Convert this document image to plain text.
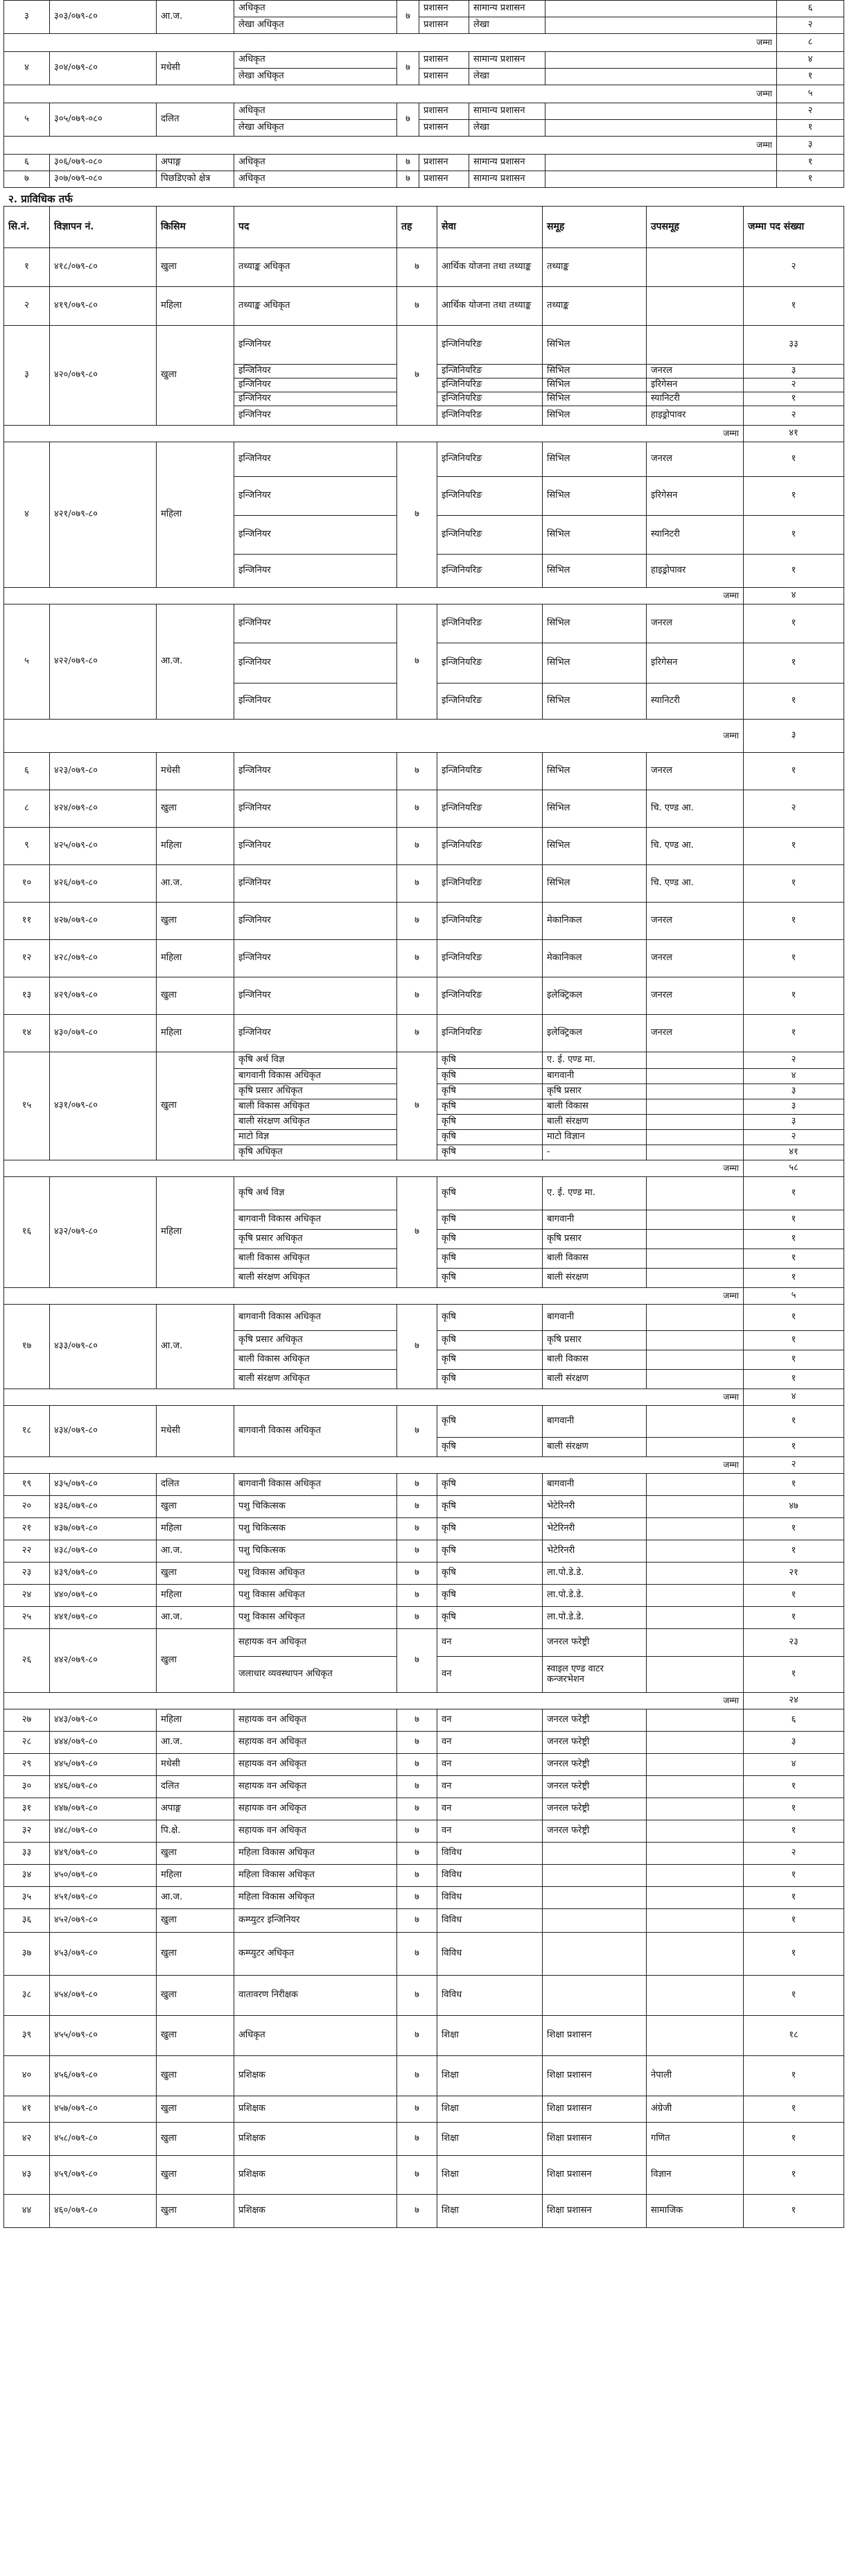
३	३०३/०७९-८०	आ.ज.	अधिकृत	७	प्रशासन	सामान्य प्रशासन		६
			लेखा अधिकृत		प्रशासन	लेखा		२
जम्मा								८
४	३०४/०७९-८०	मधेसी	अधिकृत	७	प्रशासन	सामान्य प्रशासन		४
			लेखा अधिकृत		प्रशासन	लेखा		१
जम्मा								५
५	३०५/०७९-०८०	दलित	अधिकृत	७	प्रशासन	सामान्य प्रशासन		२
			लेखा अधिकृत		प्रशासन	लेखा		१
जम्मा								३
६	३०६/०७९-०८०	अपाङ्ग	अधिकृत	७	प्रशासन	सामान्य प्रशासन		१
७	३०७/०७९-०८०	पिछडिएको क्षेत्र	अधिकृत	७	प्रशासन	सामान्य प्रशासन		१
२. प्राविधिक तर्फ
सि.नं.	विज्ञापन नं.	किसिम	पद	तह	सेवा	समूह	उपसमूह	जम्मा पद संख्या
१	४१८/०७९-८०	खुला	तथ्याङ्क अधिकृत	७	आर्थिक योजना तथा तथ्याङ्क	तथ्याङ्क		२
२	४१९/०७९-८०	महिला	तथ्याङ्क अधिकृत	७	आर्थिक योजना तथा तथ्याङ्क	तथ्याङ्क		१
३	४२०/०७९-८०	खुला	इन्जिनियर	७	इन्जिनियरिङ	सिभिल		३३
			इन्जिनियर		इन्जिनियरिङ	सिभिल	जनरल	३
			इन्जिनियर		इन्जिनियरिङ	सिभिल	इरिगेसन	२
			इन्जिनियर		इन्जिनियरिङ	सिभिल	स्यानिटरी	१
			इन्जिनियर		इन्जिनियरिङ	सिभिल	हाइड्रोपावर	२
जम्मा								४१
४	४२१/०७९-८०	महिला	इन्जिनियर	७	इन्जिनियरिङ	सिभिल	जनरल	१
			इन्जिनियर		इन्जिनियरिङ	सिभिल	इरिगेसन	१
			इन्जिनियर		इन्जिनियरिङ	सिभिल	स्यानिटरी	१
			इन्जिनियर		इन्जिनियरिङ	सिभिल	हाइड्रोपावर	१
जम्मा								४
५	४२२/०७९-८०	आ.ज.	इन्जिनियर	७	इन्जिनियरिङ	सिभिल	जनरल	१
			इन्जिनियर		इन्जिनियरिङ	सिभिल	इरिगेसन	१
			इन्जिनियर		इन्जिनियरिङ	सिभिल	स्यानिटरी	१
जम्मा								३
६	४२३/०७९-८०	मधेसी	इन्जिनियर	७	इन्जिनियरिङ	सिभिल	जनरल	१
८	४२४/०७९-८०	खुला	इन्जिनियर	७	इन्जिनियरिङ	सिभिल	चि. एण्ड आ.	२
९	४२५/०७९-८०	महिला	इन्जिनियर	७	इन्जिनियरिङ	सिभिल	चि. एण्ड आ.	१
१०	४२६/०७९-८०	आ.ज.	इन्जिनियर	७	इन्जिनियरिङ	सिभिल	चि. एण्ड आ.	१
११	४२७/०७९-८०	खुला	इन्जिनियर	७	इन्जिनियरिङ	मेकानिकल	जनरल	१
१२	४२८/०७९-८०	महिला	इन्जिनियर	७	इन्जिनियरिङ	मेकानिकल	जनरल	१
१३	४२९/०७९-८०	खुला	इन्जिनियर	७	इन्जिनियरिङ	इलेक्ट्रिकल	जनरल	१
१४	४३०/०७९-८०	महिला	इन्जिनियर	७	इन्जिनियरिङ	इलेक्ट्रिकल	जनरल	१
१५	४३१/०७९-८०	खुला	कृषि अर्थ विज्ञ	७	कृषि	ए. ई. एण्ड मा.		२
			बागवानी विकास अधिकृत		कृषि	बागवानी		४
			कृषि प्रसार अधिकृत		कृषि	कृषि प्रसार		३
			बाली विकास अधिकृत		कृषि	बाली विकास		३
			बाली संरक्षण अधिकृत		कृषि	बाली संरक्षण		३
			माटो विज्ञ		कृषि	माटो विज्ञान		२
			कृषि अधिकृत		कृषि	-		४१
जम्मा								५८
१६	४३२/०७९-८०	महिला	कृषि अर्थ विज्ञ	७	कृषि	ए. ई. एण्ड मा.		१
			बागवानी विकास अधिकृत		कृषि	बागवानी		१
			कृषि प्रसार अधिकृत		कृषि	कृषि प्रसार		१
			बाली विकास अधिकृत		कृषि	बाली विकास		१
			बाली संरक्षण अधिकृत		कृषि	बाली संरक्षण		१
जम्मा								५
१७	४३३/०७९-८०	आ.ज.	बागवानी विकास अधिकृत	७	कृषि	बागवानी		१
			कृषि प्रसार अधिकृत		कृषि	कृषि प्रसार		१
			बाली विकास अधिकृत		कृषि	बाली विकास		१
			बाली संरक्षण अधिकृत		कृषि	बाली संरक्षण		१
जम्मा								४
१८	४३४/०७९-८०	मधेसी	बागवानी विकास अधिकृत	७	कृषि	बागवानी		१
					कृषि	बाली संरक्षण		१
जम्मा								२
१९	४३५/०७९-८०	दलित	बागवानी विकास अधिकृत	७	कृषि	बागवानी		१
२०	४३६/०७९-८०	खुला	पशु चिकित्सक	७	कृषि	भेटेरिनरी		४७
२१	४३७/०७९-८०	महिला	पशु चिकित्सक	७	कृषि	भेटेरिनरी		१
२२	४३८/०७९-८०	आ.ज.	पशु चिकित्सक	७	कृषि	भेटेरिनरी		१
२३	४३९/०७९-८०	खुला	पशु विकास अधिकृत	७	कृषि	ला.पो.डे.डे.		२१
२४	४४०/०७९-८०	महिला	पशु विकास अधिकृत	७	कृषि	ला.पो.डे.डे.		१
२५	४४१/०७९-८०	आ.ज.	पशु विकास अधिकृत	७	कृषि	ला.पो.डे.डे.		१
२६	४४२/०७९-८०	खुला	सहायक वन अधिकृत	७	वन	जनरल फरेष्ट्री		२३
			जलाधार व्यवस्थापन अधिकृत		वन	स्वाइल एण्ड वाटर कन्जरभेशन		१
जम्मा								२४
२७	४४३/०७९-८०	महिला	सहायक वन अधिकृत	७	वन	जनरल फरेष्ट्री		६
२८	४४४/०७९-८०	आ.ज.	सहायक वन अधिकृत	७	वन	जनरल फरेष्ट्री		३
२९	४४५/०७९-८०	मधेसी	सहायक वन अधिकृत	७	वन	जनरल फरेष्ट्री		४
३०	४४६/०७९-८०	दलित	सहायक वन अधिकृत	७	वन	जनरल फरेष्ट्री		१
३१	४४७/०७९-८०	अपाङ्ग	सहायक वन अधिकृत	७	वन	जनरल फरेष्ट्री		१
३२	४४८/०७९-८०	पि.क्षे.	सहायक वन अधिकृत	७	वन	जनरल फरेष्ट्री		१
३३	४४९/०७९-८०	खुला	महिला विकास अधिकृत	७	विविध			२
३४	४५०/०७९-८०	महिला	महिला विकास अधिकृत	७	विविध			१
३५	४५१/०७९-८०	आ.ज.	महिला विकास अधिकृत	७	विविध			१
३६	४५२/०७९-८०	खुला	कम्प्युटर इन्जिनियर	७	विविध			१
३७	४५३/०७९-८०	खुला	कम्प्युटर अधिकृत	७	विविध			१
३८	४५४/०७९-८०	खुला	वातावरण निरीक्षक	७	विविध			१
३९	४५५/०७९-८०	खुला	अधिकृत	७	शिक्षा	शिक्षा प्रशासन		१८
४०	४५६/०७९-८०	खुला	प्रशिक्षक	७	शिक्षा	शिक्षा प्रशासन	नेपाली	१
४१	४५७/०७९-८०	खुला	प्रशिक्षक	७	शिक्षा	शिक्षा प्रशासन	अंग्रेजी	१
४२	४५८/०७९-८०	खुला	प्रशिक्षक	७	शिक्षा	शिक्षा प्रशासन	गणित	१
४३	४५९/०७९-८०	खुला	प्रशिक्षक	७	शिक्षा	शिक्षा प्रशासन	विज्ञान	१
४४	४६०/०७९-८०	खुला	प्रशिक्षक	७	शिक्षा	शिक्षा प्रशासन	सामाजिक	१
